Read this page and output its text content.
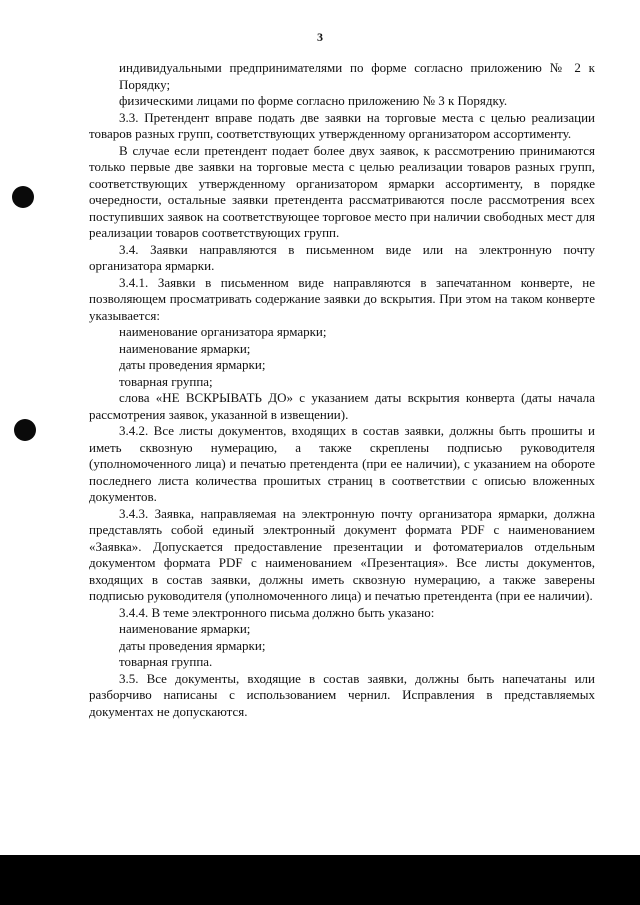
3

индивидуальными предпринимателями по форме согласно приложению № 2 к Порядку;

физическими лицами по форме согласно приложению № 3 к Порядку.

3.3. Претендент вправе подать две заявки на торговые места с целью реализации товаров разных групп, соответствующих утвержденному организатором ассортименту.

В случае если претендент подает более двух заявок, к рассмотрению принимаются только первые две заявки на торговые места с целью реализации товаров разных групп, соответствующих утвержденному организатором ярмарки ассортименту, в порядке очередности, остальные заявки претендента рассматриваются после рассмотрения всех поступивших заявок на соответствующее торговое место при наличии свободных мест для реализации товаров соответствующих групп.

3.4. Заявки направляются в письменном виде или на электронную почту организатора ярмарки.

3.4.1. Заявки в письменном виде направляются в запечатанном конверте, не позволяющем просматривать содержание заявки до вскрытия. При этом на таком конверте указывается:

наименование организатора ярмарки;

наименование ярмарки;

даты проведения ярмарки;

товарная группа;

слова «НЕ ВСКРЫВАТЬ ДО» с указанием даты вскрытия конверта (даты начала рассмотрения заявок, указанной в извещении).

3.4.2. Все листы документов, входящих в состав заявки, должны быть прошиты и иметь сквозную нумерацию, а также скреплены подписью руководителя (уполномоченного лица) и печатью претендента (при ее наличии), с указанием на обороте последнего листа количества прошитых страниц в соответствии с описью вложенных документов.

3.4.3. Заявка, направляемая на электронную почту организатора ярмарки, должна представлять собой единый электронный документ формата PDF с наименованием «Заявка». Допускается предоставление презентации и фотоматериалов отдельным документом формата PDF с наименованием «Презентация». Все листы документов, входящих в состав заявки, должны иметь сквозную нумерацию, а также заверены подписью руководителя (уполномоченного лица) и печатью претендента (при ее наличии).

3.4.4. В теме электронного письма должно быть указано:

наименование ярмарки;

даты проведения ярмарки;

товарная группа.

3.5. Все документы, входящие в состав заявки, должны быть напечатаны или разборчиво написаны с использованием чернил. Исправления в представляемых документах не допускаются.
